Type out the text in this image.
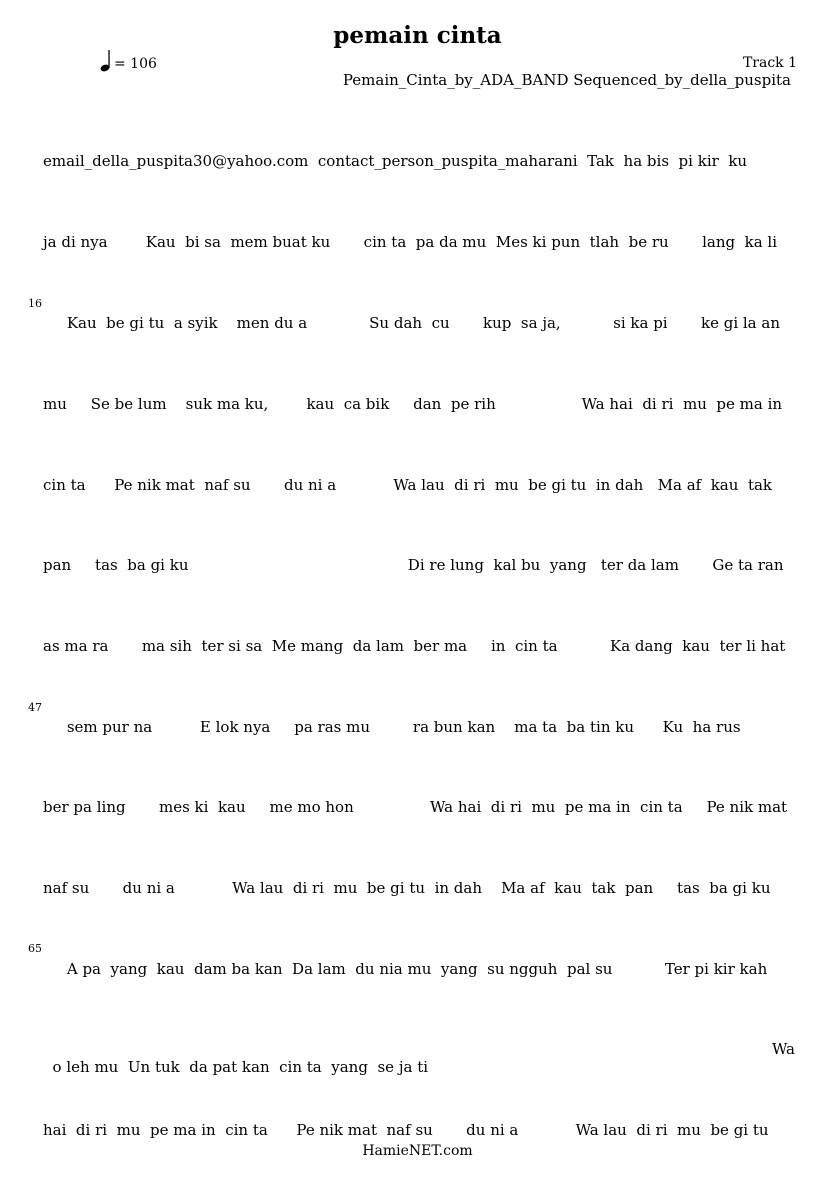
pemain cinta
= 106	Track 1
Pemain_Cinta_by_ADA_BAND Sequenced_by_della_puspita
email_della_puspita30@yahoo.com  contact_person_puspita_maharani  Tak  ha bis  pi kir  ku
ja di nya        Kau  bi sa  mem buat ku       cin ta  pa da mu  Mes ki pun  tlah  be ru       lang  ka li
16
Kau  be gi tu  a syik    men du a             Su dah  cu       kup  sa ja,           si ka pi       ke gi la an
mu     Se be lum    suk ma ku,        kau  ca bik     dan  pe rih                  Wa hai  di ri  mu  pe ma in
cin ta      Pe nik mat  naf su       du ni a            Wa lau  di ri  mu  be gi tu  in dah   Ma af  kau  tak
pan     tas  ba gi ku                                              Di re lung  kal bu  yang   ter da lam       Ge ta ran
as ma ra       ma sih  ter si sa  Me mang  da lam  ber ma     in  cin ta           Ka dang  kau  ter li hat
47
sem pur na          E lok nya     pa ras mu         ra bun kan    ma ta  ba tin ku      Ku  ha rus
ber pa ling       mes ki  kau     me mo hon                Wa hai  di ri  mu  pe ma in  cin ta     Pe nik mat
naf su       du ni a            Wa lau  di ri  mu  be gi tu  in dah    Ma af  kau  tak  pan     tas  ba gi ku
65
A pa  yang  kau  dam ba kan  Da lam  du nia mu  yang  su ngguh  pal su           Ter pi kir kah

o leh mu  Un tuk  da pat kan  cin ta  yang  se ja ti

Wa

hai  di ri  mu  pe ma in  cin ta      Pe nik mat  naf su       du ni a            Wa lau  di ri  mu  be gi tu
HamieNET.com
